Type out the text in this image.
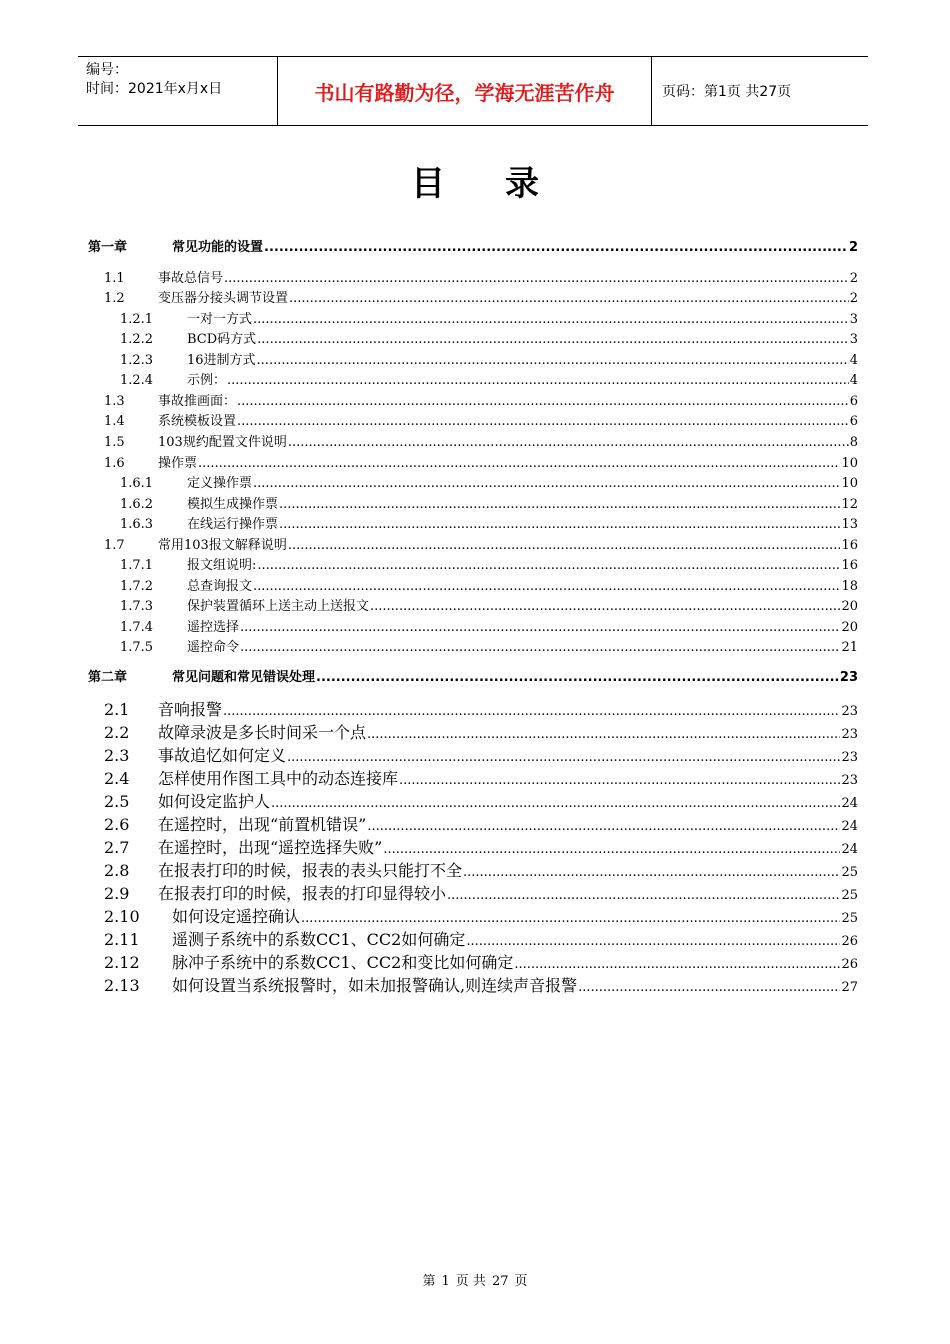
编号：
时间：2021年x月x日	书山有路勤为径，学海无涯苦作舟	页码：第1页 共27页
目录
第一章	常见功能的设置 .....	2
1.1	事故总信号 .....	2
1.2	变压器分接头调节设置 .....	2
1.2.1	一对一方式 .....	3
1.2.2	BCD码方式 .....	3
1.2.3	16进制方式 .....	4
1.2.4	示例： .....	4
1.3	事故推画面： .....	6
1.4	系统模板设置 .....	6
1.5	103规约配置文件说明 .....	8
1.6	操作票 .....	10
1.6.1	定义操作票 .....	10
1.6.2	模拟生成操作票 .....	12
1.6.3	在线运行操作票 .....	13
1.7	常用103报文解释说明 .....	16
1.7.1	报文组说明: .....	16
1.7.2	总查询报文 .....	18
1.7.3	保护装置循环上送主动上送报文 .....	20
1.7.4	遥控选择 .....	20
1.7.5	遥控命令 .....	21
第二章	常见问题和常见错误处理 .....	23
2.1	音响报警 .....	23
2.2	故障录波是多长时间采一个点 .....	23
2.3	事故追忆如何定义 .....	23
2.4	怎样使用作图工具中的动态连接库 .....	23
2.5	如何设定监护人 .....	24
2.6	在遥控时，出现“前置机错误” .....	24
2.7	在遥控时，出现“遥控选择失败” .....	24
2.8	在报表打印的时候，报表的表头只能打不全 .....	25
2.9	在报表打印的时候，报表的打印显得较小 .....	25
2.10	如何设定遥控确认 .....	25
2.11	遥测子系统中的系数CC1、CC2如何确定 .....	26
2.12	脉冲子系统中的系数CC1、CC2和变比如何确定 .....	26
2.13	如何设置当系统报警时，如未加报警确认,则连续声音报警 .....	27
第 1 页 共 27 页
